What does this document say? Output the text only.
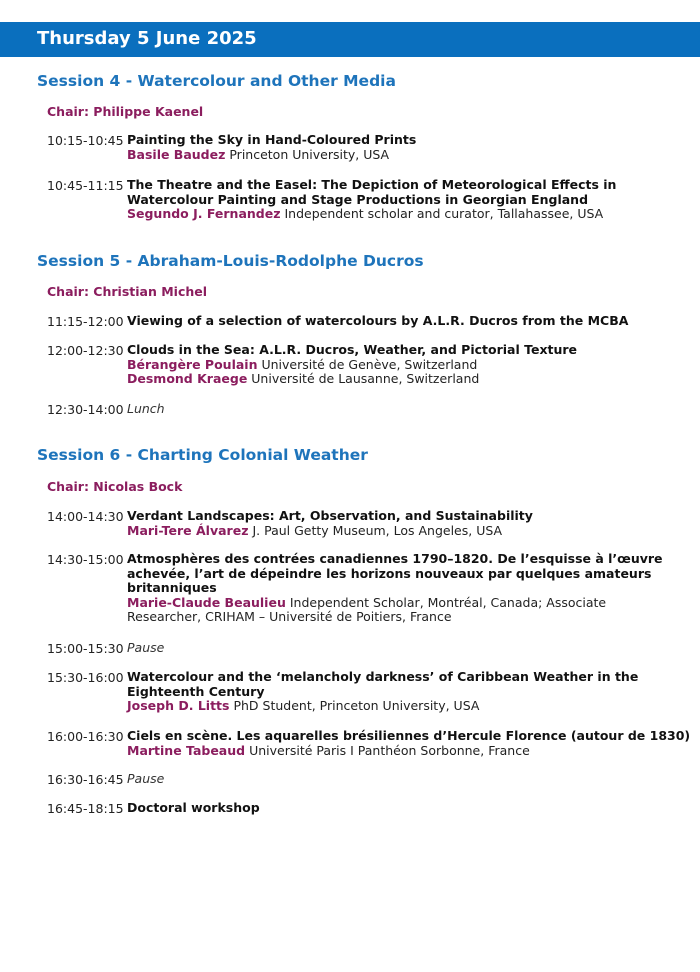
Thursday 5 June 2025
Session 4 - Watercolour and Other Media
Chair: Philippe Kaenel
10:15-10:45 Painting the Sky in Hand-Coloured Prints
Basile Baudez Princeton University, USA
10:45-11:15 The Theatre and the Easel: The Depiction of Meteorological Effects in
Watercolour Painting and Stage Productions in Georgian England
Segundo J. Fernandez Independent scholar and curator, Tallahassee, USA
Session 5 - Abraham-Louis-Rodolphe Ducros
Chair: Christian Michel
11:15-12:00 Viewing of a selection of watercolours by A.L.R. Ducros from the MCBA
12:00-12:30 Clouds in the Sea: A.L.R. Ducros, Weather, and Pictorial Texture
Bérangère Poulain Université de Genève, Switzerland
Desmond Kraege Université de Lausanne, Switzerland
12:30-14:00 Lunch
Session 6 - Charting Colonial Weather
Chair: Nicolas Bock
14:00-14:30 Verdant Landscapes: Art, Observation, and Sustainability
Mari-Tere Álvarez J. Paul Getty Museum, Los Angeles, USA
14:30-15:00 Atmosphères des contrées canadiennes 1790–1820. De l’esquisse à l’œuvre
achevée, l’art de dépeindre les horizons nouveaux par quelques amateurs
britanniques
Marie-Claude Beaulieu Independent Scholar, Montréal, Canada; Associate
Researcher, CRIHAM – Université de Poitiers, France
15:00-15:30 Pause
15:30-16:00 Watercolour and the ‘melancholy darkness’ of Caribbean Weather in the
Eighteenth Century
Joseph D. Litts PhD Student, Princeton University, USA
16:00-16:30 Ciels en scène. Les aquarelles brésiliennes d’Hercule Florence (autour de 1830)
Martine Tabeaud Université Paris I Panthéon Sorbonne, France
16:30-16:45 Pause
16:45-18:15 Doctoral workshop
